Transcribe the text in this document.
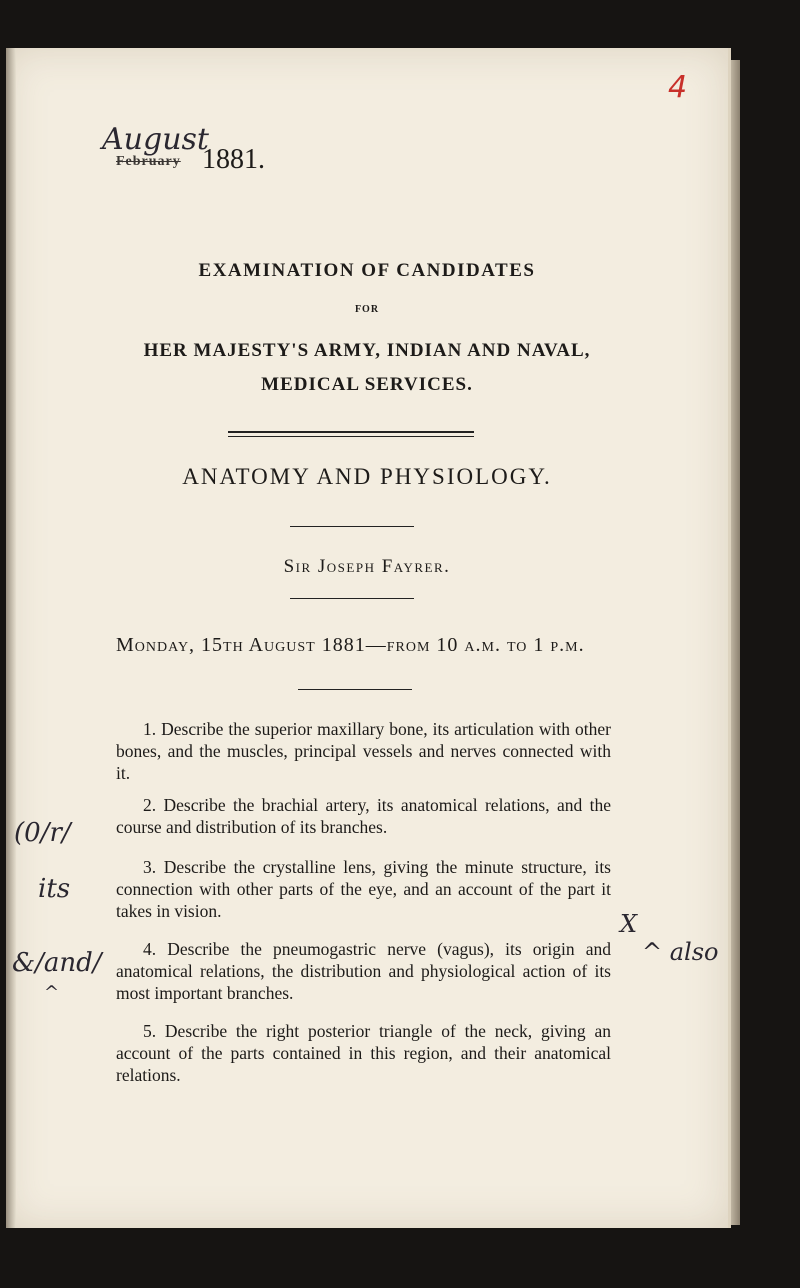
4
August
February 1881.
EXAMINATION OF CANDIDATES
FOR
HER MAJESTY'S ARMY, INDIAN AND NAVAL,
MEDICAL SERVICES.
ANATOMY AND PHYSIOLOGY.
Sir Joseph Fayrer.
Monday, 15th August 1881—from 10 a.m. to 1 p.m.
1. Describe the superior maxillary bone, its articulation with other bones, and the muscles, principal vessels and nerves connected with it.
2. Describe the brachial artery, its anatomical relations, and the course and distribution of its branches.
3. Describe the crystalline lens, giving the minute structure, its connection with other parts of the eye, and an account of the part it takes in vision.
4. Describe the pneumogastric nerve (vagus), its origin and anatomical relations, the distribution and physiological action of its most important branches.
5. Describe the right posterior triangle of the neck, giving an account of the parts contained in this region, and their anatomical relations.
(0/r/
its
&/and/
^
X
^ also
